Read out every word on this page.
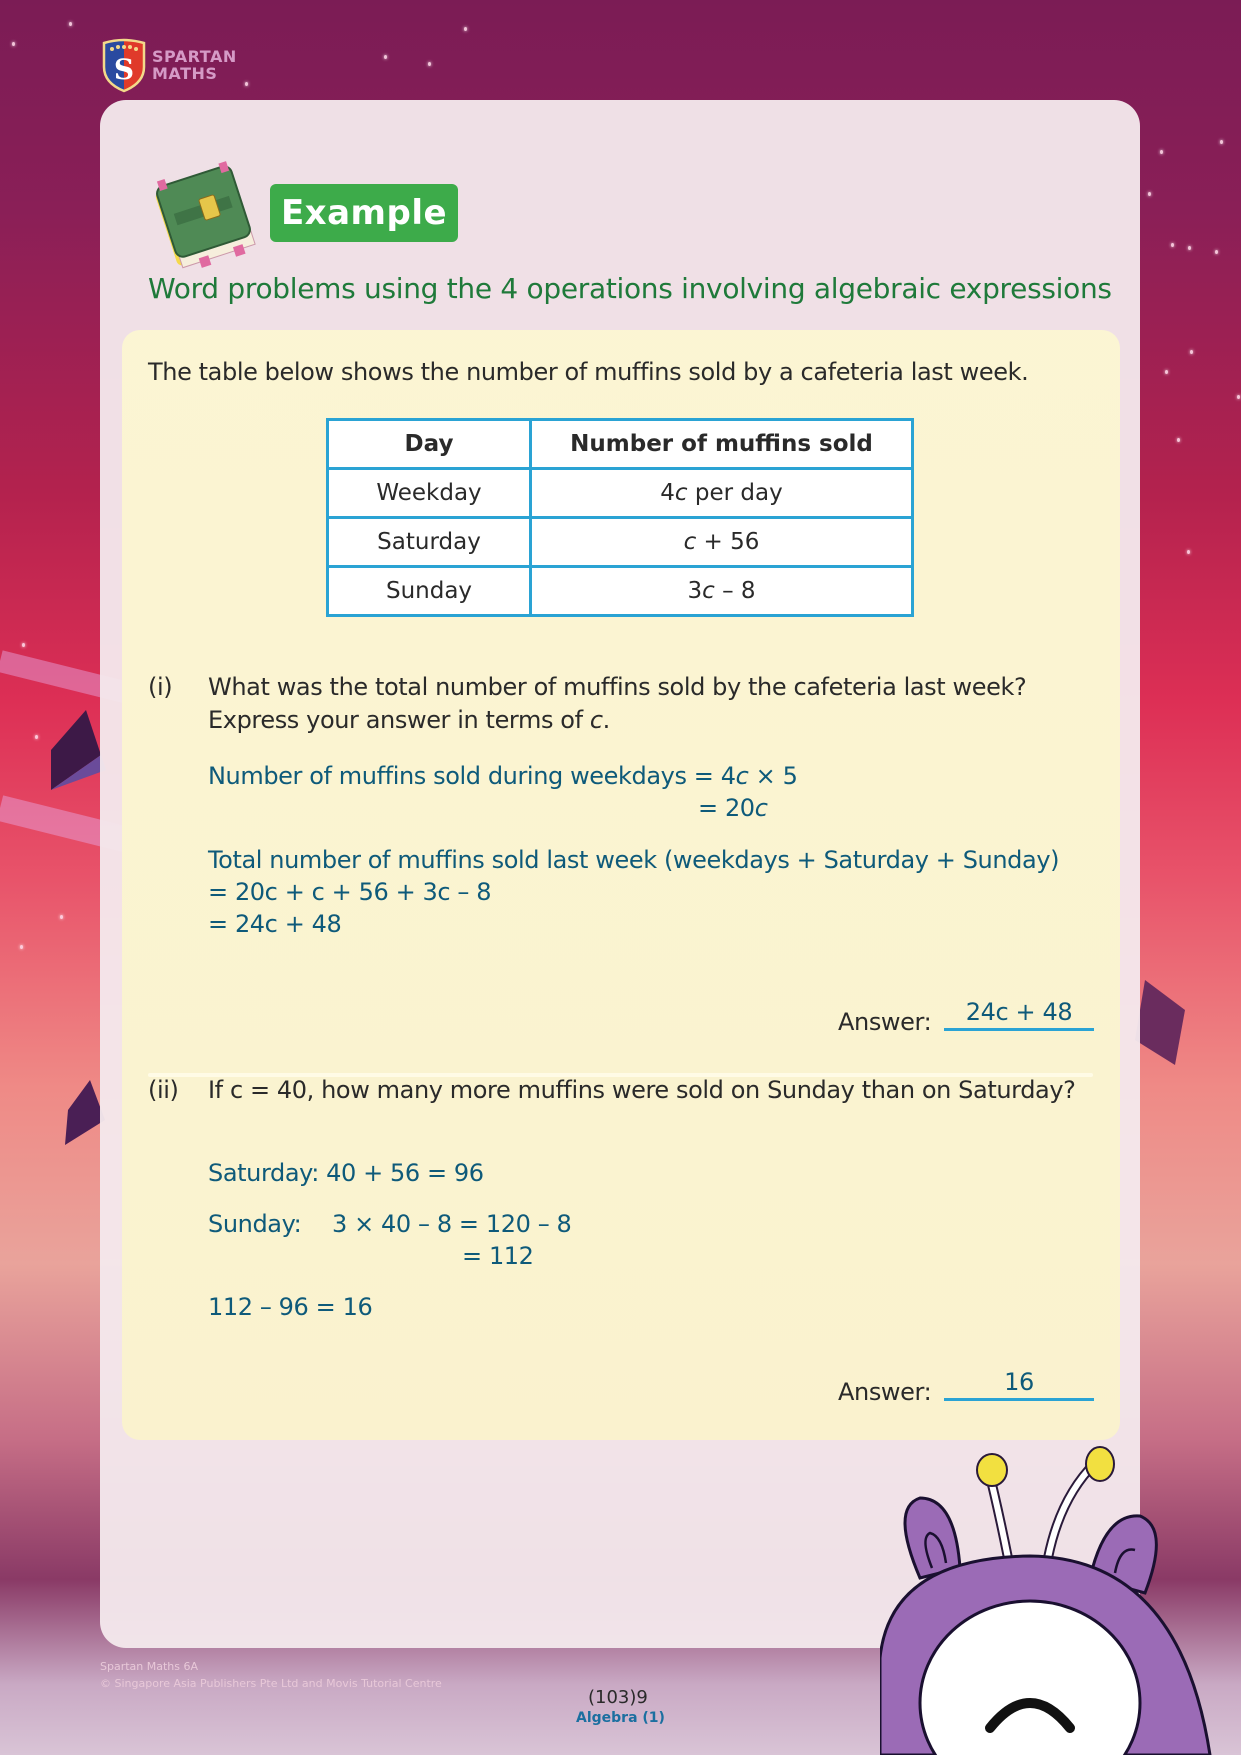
S SPARTAN
MATHS
Example
Word problems using the 4 operations involving algebraic expressions
The table below shows the number of muffins sold by a cafeteria last week.
Day	Number of muffins sold
Weekday	4c per day
Saturday	c + 56
Sunday	3c – 8
(i) What was the total number of muffins sold by the cafeteria last week?
Express your answer in terms of c.
Number of muffins sold during weekdays = 4c × 5
= 20c
Total number of muffins sold last week (weekdays + Saturday + Sunday)
= 20c + c + 56 + 3c – 8
= 24c + 48
Answer:	24c + 48
(ii) If c = 40, how many more muffins were sold on Sunday than on Saturday?
Saturday: 40 + 56 = 96
Sunday: 3 × 40 – 8 = 120 – 8
= 112
112 – 96 = 16
Answer:	16
Spartan Maths 6A
© Singapore Asia Publishers Pte Ltd and Movis Tutorial Centre
(103)9
Algebra (1)
